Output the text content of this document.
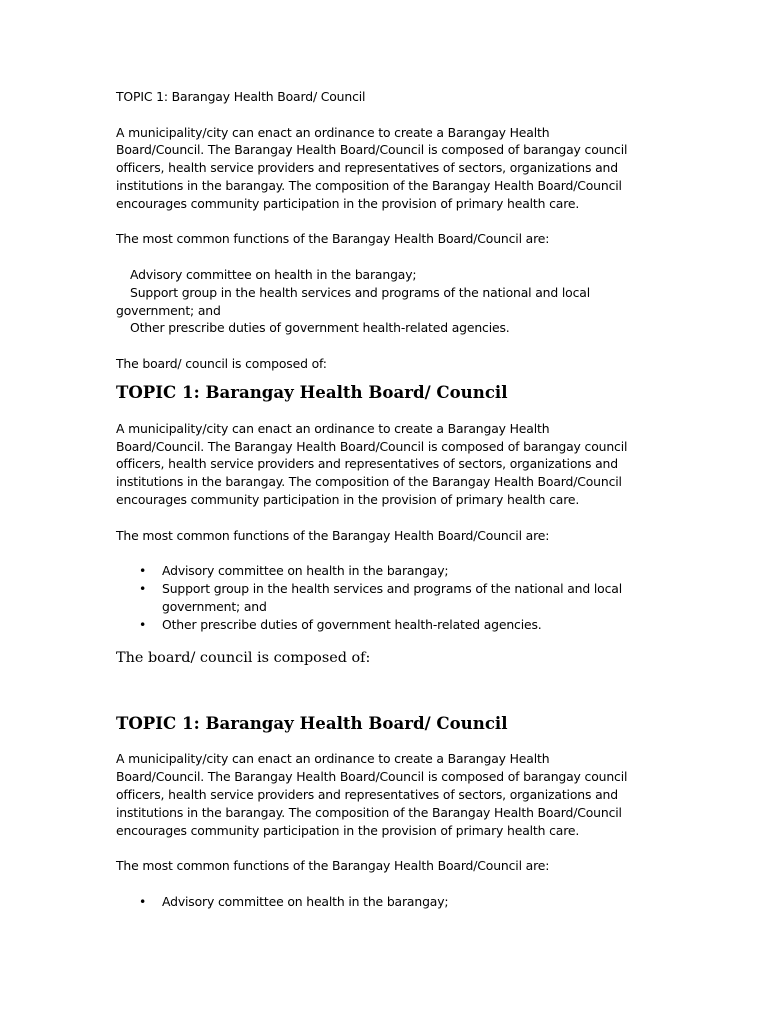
TOPIC 1: Barangay Health Board/ Council

A municipality/city can enact an ordinance to create a Barangay Health
Board/Council. The Barangay Health Board/Council is composed of barangay council
officers, health service providers and representatives of sectors, organizations and
institutions in the barangay. The composition of the Barangay Health Board/Council
encourages community participation in the provision of primary health care.

The most common functions of the Barangay Health Board/Council are:

Advisory committee on health in the barangay;
Support group in the health services and programs of the national and local
government; and
Other prescribe duties of government health-related agencies.

The board/ council is composed of:

TOPIC 1: Barangay Health Board/ Council
A municipality/city can enact an ordinance to create a Barangay Health
Board/Council. The Barangay Health Board/Council is composed of barangay council
officers, health service providers and representatives of sectors, organizations and
institutions in the barangay. The composition of the Barangay Health Board/Council
encourages community participation in the provision of primary health care.

The most common functions of the Barangay Health Board/Council are:

• Advisory committee on health in the barangay;
• Support group in the health services and programs of the national and local
government; and
• Other prescribe duties of government health-related agencies.

The board/ council is composed of:

TOPIC 1: Barangay Health Board/ Council
A municipality/city can enact an ordinance to create a Barangay Health
Board/Council. The Barangay Health Board/Council is composed of barangay council
officers, health service providers and representatives of sectors, organizations and
institutions in the barangay. The composition of the Barangay Health Board/Council
encourages community participation in the provision of primary health care.

The most common functions of the Barangay Health Board/Council are:

• Advisory committee on health in the barangay;
